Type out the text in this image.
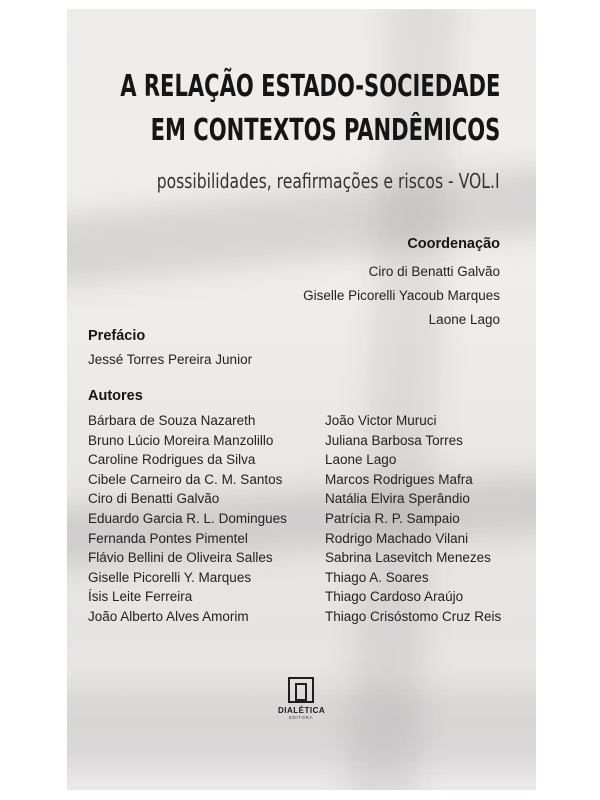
A RELAÇÃO ESTADO-SOCIEDADE
EM CONTEXTOS PANDÊMICOS
possibilidades, reafirmações e riscos - VOL.I
Coordenação
Ciro di Benatti Galvão
Giselle Picorelli Yacoub Marques
Laone Lago
Prefácio
Jessé Torres Pereira Junior
Autores
Bárbara de Souza Nazareth
Bruno Lúcio Moreira Manzolillo
Caroline Rodrigues da Silva
Cibele Carneiro da C. M. Santos
Ciro di Benatti Galvão
Eduardo Garcia R. L. Domingues
Fernanda Pontes Pimentel
Flávio Bellini de Oliveira Salles
Giselle Picorelli Y. Marques
Ísis Leite Ferreira
João Alberto Alves Amorim
João Victor Muruci
Juliana Barbosa Torres
Laone Lago
Marcos Rodrigues Mafra
Natália Elvira Sperândio
Patrícia R. P. Sampaio
Rodrigo Machado Vilani
Sabrina Lasevitch Menezes
Thiago A. Soares
Thiago Cardoso Araújo
Thiago Crisóstomo Cruz Reis
DIALÉTICA
EDITORA
